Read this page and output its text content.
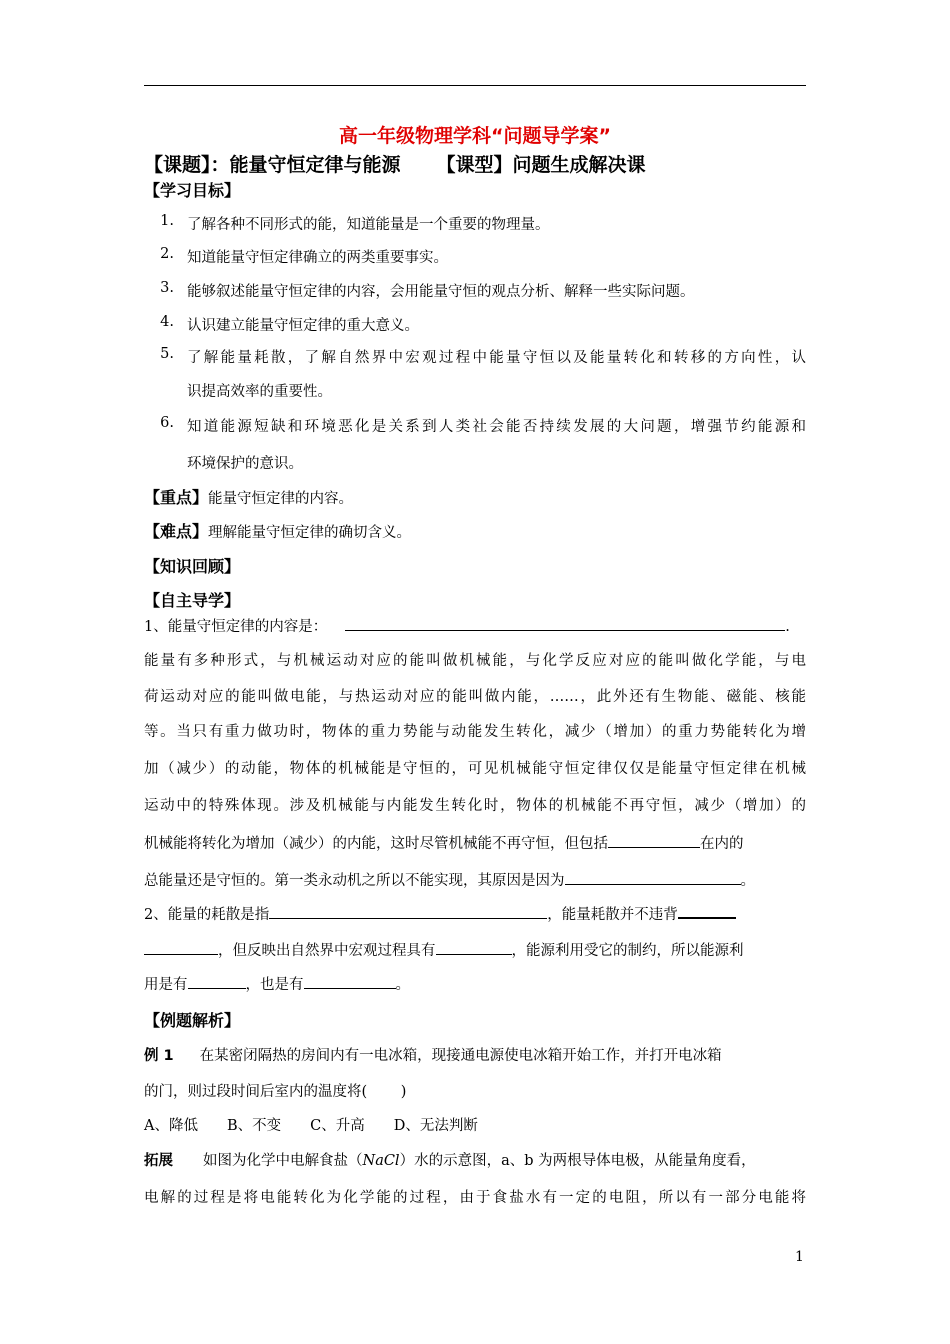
高一年级物理学科“问题导学案”
【课题】：能量守恒定律与能源 【课型】问题生成解决课
【学习目标】
1. 了解各种不同形式的能，知道能量是一个重要的物理量。
2. 知道能量守恒定律确立的两类重要事实。
3. 能够叙述能量守恒定律的内容，会用能量守恒的观点分析、解释一些实际问题。
4. 认识建立能量守恒定律的重大意义。
5. 了解能量耗散，了解自然界中宏观过程中能量守恒以及能量转化和转移的方向性，认
识提高效率的重要性。
6. 知道能源短缺和环境恶化是关系到人类社会能否持续发展的大问题，增强节约能源和
环境保护的意识。
【重点】能量守恒定律的内容。
【难点】理解能量守恒定律的确切含义。
【知识回顾】
【自主导学】
1、能量守恒定律的内容是：	.
能量有多种形式，与机械运动对应的能叫做机械能，与化学反应对应的能叫做化学能，与电
荷运动对应的能叫做电能，与热运动对应的能叫做内能，……，此外还有生物能、磁能、核能
等。当只有重力做功时，物体的重力势能与动能发生转化，减少（增加）的重力势能转化为增
加（减少）的动能，物体的机械能是守恒的，可见机械能守恒定律仅仅是能量守恒定律在机械
运动中的特殊体现。涉及机械能与内能发生转化时，物体的机械能不再守恒，减少（增加）的
机械能将转化为增加（减少）的内能，这时尽管机械能不再守恒，但包括	在内的
总能量还是守恒的。第一类永动机之所以不能实现，其原因是因为	。
2、能量的耗散是指	，能量耗散并不违背
，但反映出自然界中宏观过程具有	，能源利用受它的制约，所以能源利
用是有	，也是有	。
【例题解析】
例 1 在某密闭隔热的房间内有一电冰箱，现接通电源使电冰箱开始工作，并打开电冰箱
的门，则过段时间后室内的温度将(　　 )
A、降低　　B、不变　　C、升高　　D、无法判断
拓展 如图为化学中电解食盐（NaCl）水的示意图，a、b 为两根导体电极，从能量角度看，
电解的过程是将电能转化为化学能的过程，由于食盐水有一定的电阻，所以有一部分电能将
1
